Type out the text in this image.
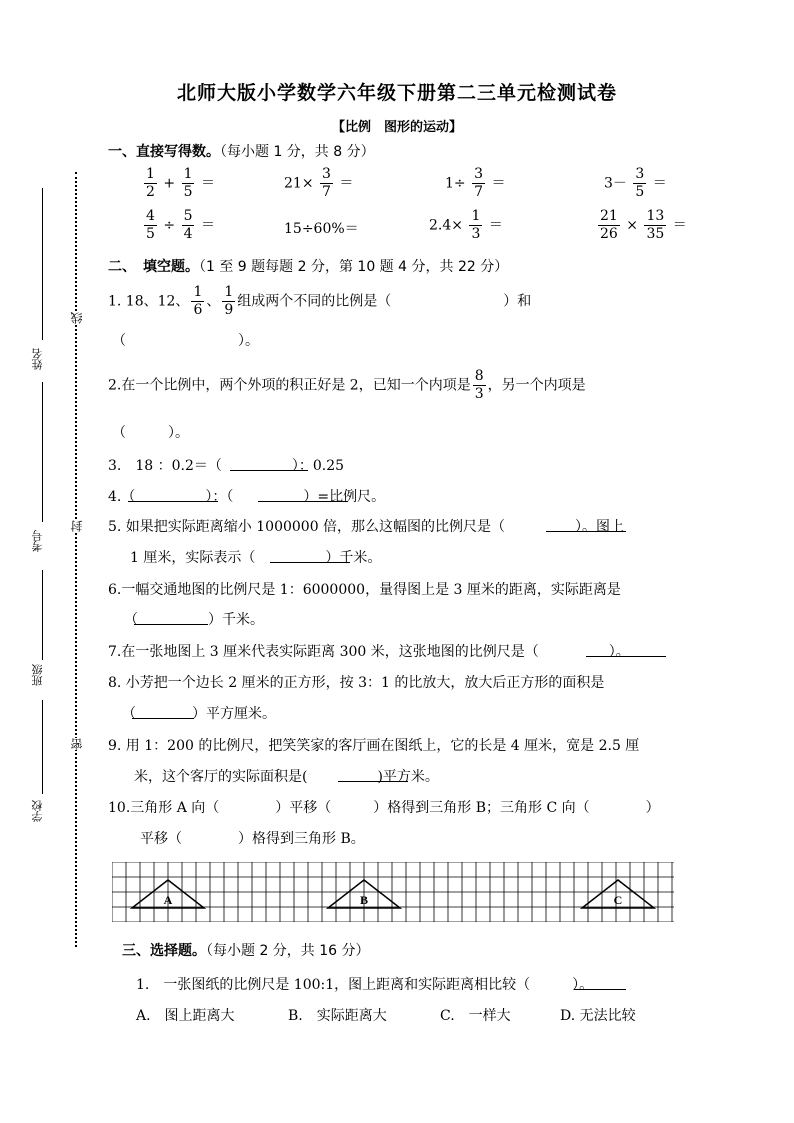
北师大版小学数学六年级下册第二三单元检测试卷
【比例　图形的运动】
姓名
考号
班级
学校
线
封
密
一、直接写得数。（每小题 1 分，共 8 分）
$\frac{1}{2} + \frac{1}{5}$ ＝	$21\times \frac{3}{7}$ ＝	$1\div \frac{3}{7}$ ＝	$3- \frac{3}{5}$ ＝
$\frac{4}{5} \div \frac{5}{4}$ ＝	15÷60%＝	$2.4\times \frac{1}{3}$ ＝	$\frac{21}{26} \times \frac{13}{35}$ ＝
二、　填空题。（1 至 9 题每题 2 分，第 10 题 4 分，共 22 分）
1. 18、12、 $\frac{1}{6}$ 、 $\frac{1}{9}$ 组成两个不同的比例是（　　　　　　　　）和
（　　　　　　　　）。
2.在一个比例中，两个外项的积正好是 2，已知一个内项是 $\frac{8}{3}$ ，另一个内项是
（　　　）。
3.　18 ：0.2＝（　　　　　）：0.25
4.（　　　　　）：（　　　　　）=比例尺。
5. 如果把实际距离缩小 1000000 倍，那么这幅图的比例尺是（　　　　　）。图上
1 厘米，实际表示（　　　　　）千米。
6.一幅交通地图的比例尺是 1：6000000，量得图上是 3 厘米的距离，实际距离是
（　　　　　）千米。
7.在一张地图上 3 厘米代表实际距离 300 米，这张地图的比例尺是（　　　　　）。
8. 小芳把一个边长 2 厘米的正方形，按 3：1 的比放大，放大后正方形的面积是
（　　　　）平方厘米。
9. 用 1：200 的比例尺，把笑笑家的客厅画在图纸上，它的长是 4 厘米，宽是 2.5 厘
米，这个客厅的实际面积是(　　　　　)平方米。
10.三角形 A 向（　　　　）平移（　　　）格得到三角形 B；三角形 C 向（　　　　）
平移（　　　　）格得到三角形 B。
A	B	C
三、选择题。（每小题 2 分，共 16 分）
1.　一张图纸的比例尺是 100:1，图上距离和实际距离相比较（　　　）。
A.　图上距离大	B.　实际距离大	C.　一样大	D. 无法比较
